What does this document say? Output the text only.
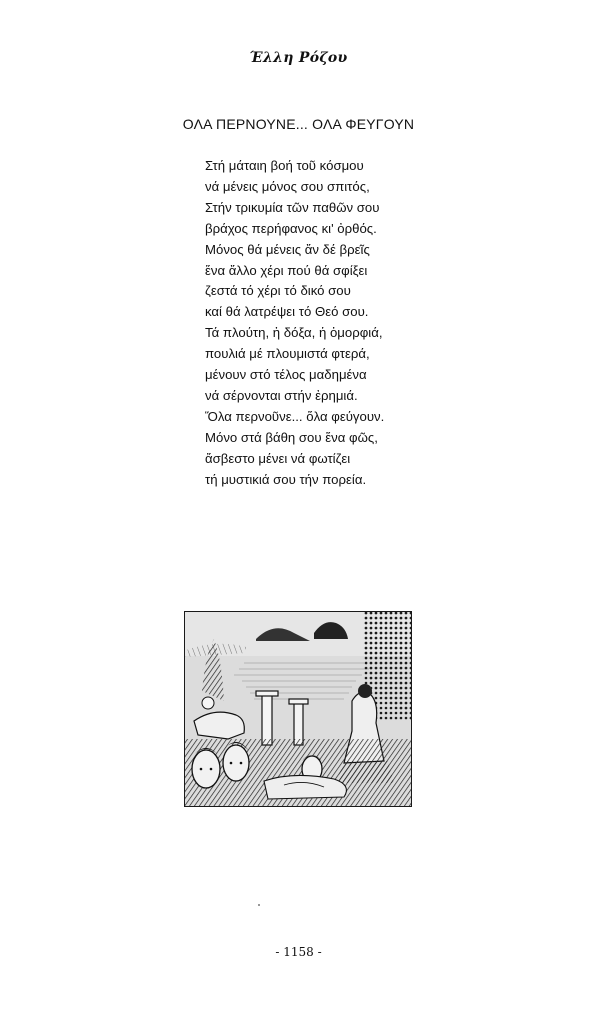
Έλλη Ρόζου
ΟΛΑ ΠΕΡΝΟΥΝΕ... ΟΛΑ ΦΕΥΓΟΥΝ
Στή μάταιη βοή τοῦ κόσμου
νά μένεις μόνος σου σπιτός,
Στήν τρικυμία τῶν παθῶν σου
βράχος περήφανος κι' ὀρθός.
Μόνος θά μένεις ἄν δέ βρεῖς
ἕνα ἄλλο χέρι πού θά σφίξει
ζεστά τό χέρι τό δικό σου
καί θά λατρέψει τό Θεό σου.
Τά πλούτη, ἡ δόξα, ἡ ὀμορφιά,
πουλιά μέ πλουμιστά φτερά,
μένουν στό τέλος μαδημένα
νά σέρνονται στήν ἐρημιά.
Ὅλα περνοῦνε... ὅλα φεύγουν.
Μόνο στά βάθη σου ἕνα φῶς,
ἄσβεστο μένει νά φωτίζει
τή μυστικιά σου τήν πορεία.
- 1158 -
